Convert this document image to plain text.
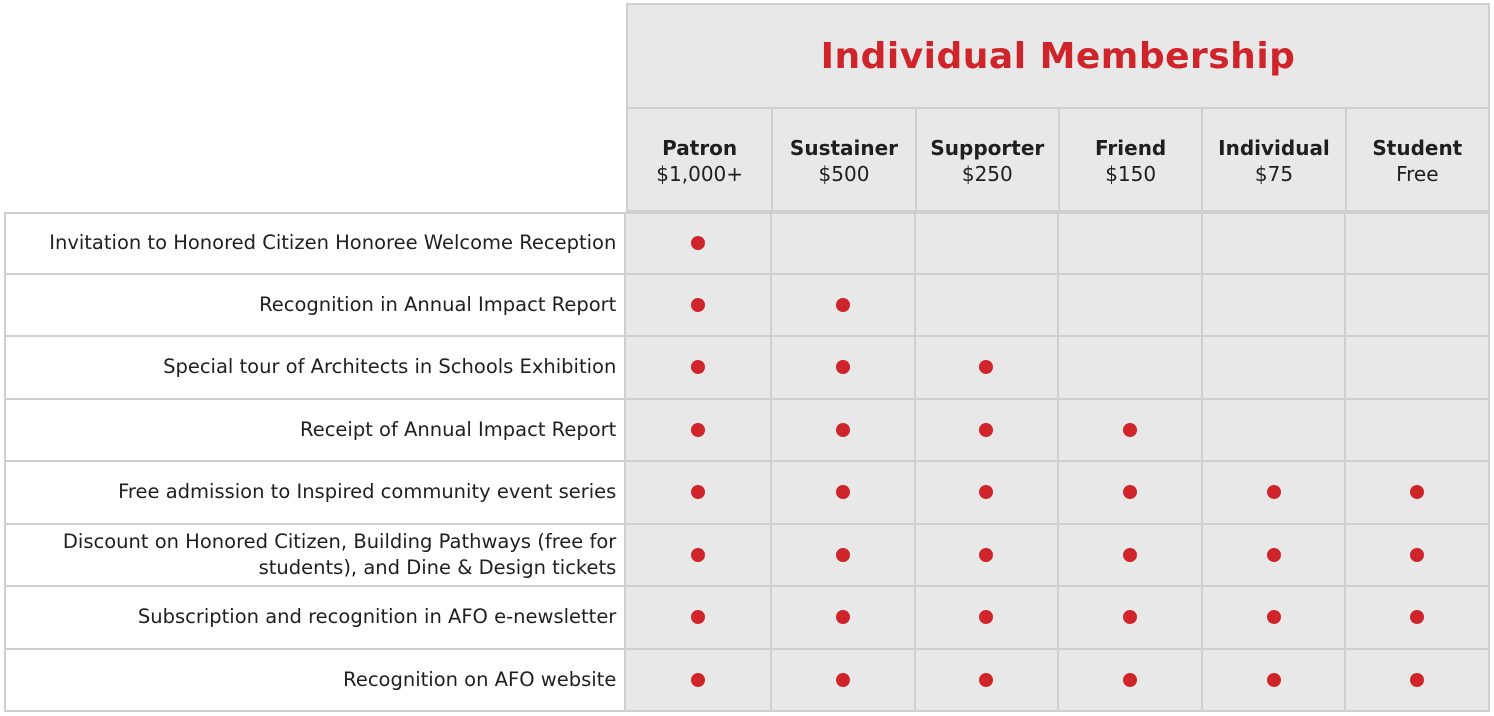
Individual Membership
Patron
$1,000+
Sustainer
$500
Supporter
$250
Friend
$150
Individual
$75
Student
Free
Invitation to Honored Citizen Honoree Welcome Reception
Recognition in Annual Impact Report
Special tour of Architects in Schools Exhibition
Receipt of Annual Impact Report
Free admission to Inspired community event series
Discount on Honored Citizen, Building Pathways (free for students), and Dine & Design tickets
Subscription and recognition in AFO e-newsletter
Recognition on AFO website
